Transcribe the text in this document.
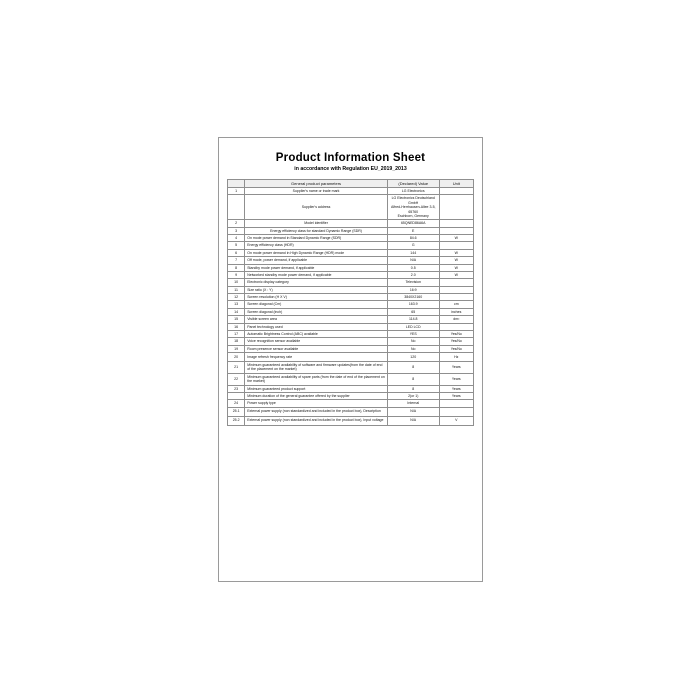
Product Information Sheet
in accordance with Regulation EU_2019_2013
	General product parameters	(Declared) Value	Unit
1	Supplier's name or trade mark	LG Electronics	
	Supplier's address	LG Electronics Deutschland GmbH
Alfred-Herrhausen-Allee 3-5, 65760
Eschborn, Germany	
2	Model identifier	65QNED86A6A	
3	Energy efficiency class for standard Dynamic Range (SDR)	E	
4	On mode power demand in Standard Dynamic Range (SDR)	84.6	W
5	Energy efficiency class (HDR)	G	
6	On mode power demand in High Dynamic Range (HDR) mode	144	W
7	Off mode, power demand, if applicable	N/A	W
8	Standby mode power demand, if applicable	0.5	W
9	Networked standby mode power demand, if applicable	2.0	W
10	Electronic display category	Television	
11	Size ratio (X : Y)	16:9	
12	Screen resolution (H X V)	3840X2160	
13	Screen diagonal (Cm)	163.9	cm
14	Screen diagonal (inch)	65	inches
15	Visible screen area	114.8	dm²
16	Panel technology used	LED LCD	
17	Automatic Brightness Control (ABC) available	YES	Yes/No
18	Voice recognition sensor available	No	Yes/No
19	Room presence sensor available	No	Yes/No
20	Image refresh frequency rate	120	Hz
21	Minimum guaranteed availability of software and firmware updates(from the date of end of the placement on the market)	8	Years
22	Minimum guaranteed availability of spare parts (from the date of end of the placement on the market)	8	Years
23	Minimum guaranteed product support	8	Years
	Minimum duration of the general guarantee offered by the supplier	2(or 1)	Years
24	Power supply type	Internal	
25.1	External power supply (non standardized and included in the product box), Description	N/A	
25.2	External power supply (non standardized and included in the product box), Input voltage	N/A	V
